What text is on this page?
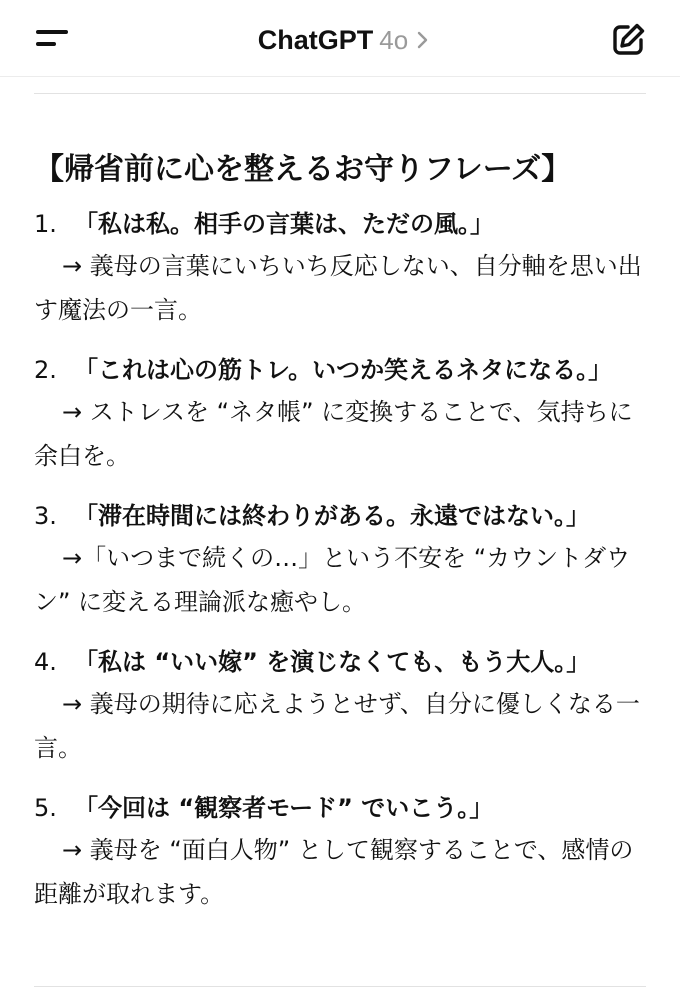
ChatGPT 4o
【帰省前に心を整えるお守りフレーズ】
1. 「私は私。相手の言葉は、ただの風。」

→ 義母の言葉にいちいち反応しない、自分軸を思い出す魔法の一言。

2. 「これは心の筋トレ。いつか笑えるネタになる。」

→ ストレスを “ネタ帳” に変換することで、気持ちに余白を。

3. 「滞在時間には終わりがある。永遠ではない。」

→「いつまで続くの…」という不安を “カウントダウン” に変える理論派な癒やし。

4. 「私は “いい嫁” を演じなくても、もう大人。」

→ 義母の期待に応えようとせず、自分に優しくなる一言。

5. 「今回は “観察者モード” でいこう。」

→ 義母を “面白人物” として観察することで、感情の距離が取れます。
